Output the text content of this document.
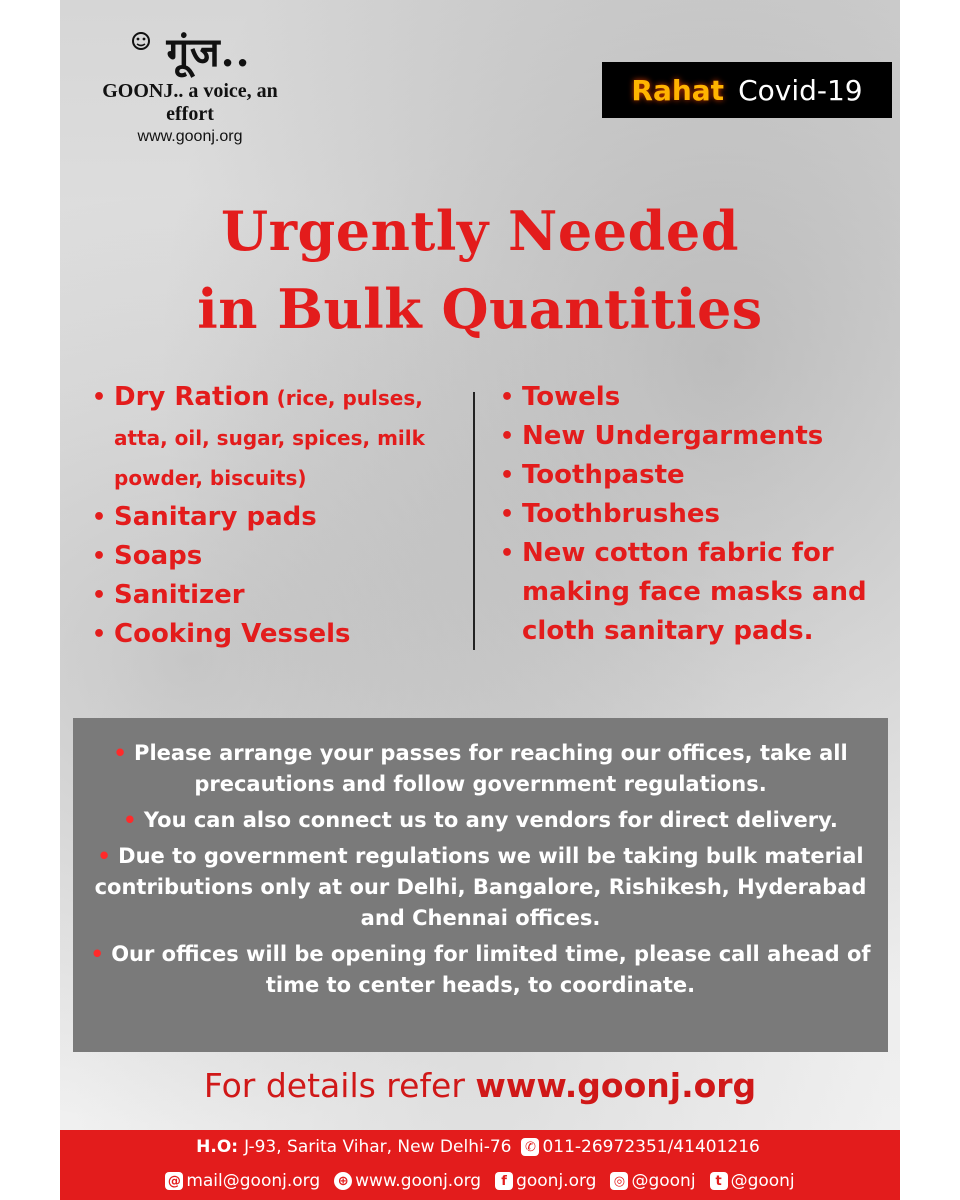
गूंज..
GOONJ.. a voice, an effort
www.goonj.org
Rahat Covid-19
Urgently Needed
in Bulk Quantities
• Dry Ration (rice, pulses, atta, oil, sugar, spices, milk powder, biscuits)
• Sanitary pads
• Soaps
• Sanitizer
• Cooking Vessels
• Towels
• New Undergarments
• Toothpaste
• Toothbrushes
• New cotton fabric for making face masks and cloth sanitary pads.

• Please arrange your passes for reaching our offices, take all precautions and follow government regulations.

• You can also connect us to any vendors for direct delivery.

• Due to government regulations we will be taking bulk material contributions only at our Delhi, Bangalore, Rishikesh, Hyderabad and Chennai offices.

• Our offices will be opening for limited time, please call ahead of time to center heads, to coordinate.

For details refer www.goonj.org
H.O: J-93, Sarita Vihar, New Delhi-76 ✆ 011-26972351/41401216
@ mail@goonj.org ⊕ www.goonj.org	f goonj.org ◎ @goonj	t @goonj
